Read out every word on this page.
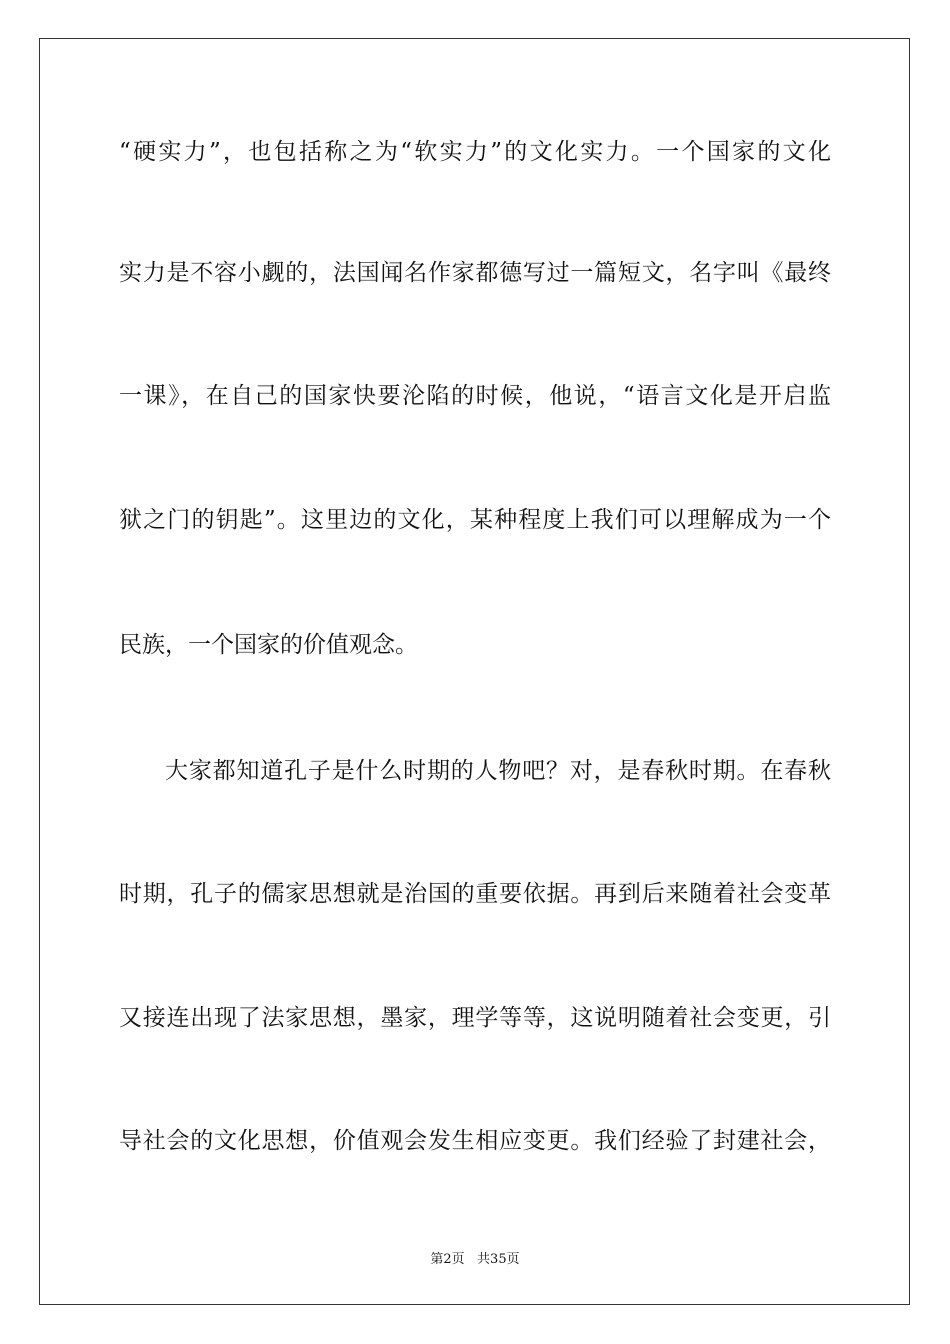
“硬实力”，也包括称之为“软实力”的文化实力。一个国家的文化

实力是不容小觑的，法国闻名作家都德写过一篇短文，名字叫《最终

一课》，在自己的国家快要沦陷的时候，他说，“语言文化是开启监

狱之门的钥匙”。这里边的文化，某种程度上我们可以理解成为一个

民族，一个国家的价值观念。

大家都知道孔子是什么时期的人物吧？对，是春秋时期。在春秋

时期，孔子的儒家思想就是治国的重要依据。再到后来随着社会变革

又接连出现了法家思想，墨家，理学等等，这说明随着社会变更，引

导社会的文化思想，价值观会发生相应变更。我们经验了封建社会，

第2页   共35页
